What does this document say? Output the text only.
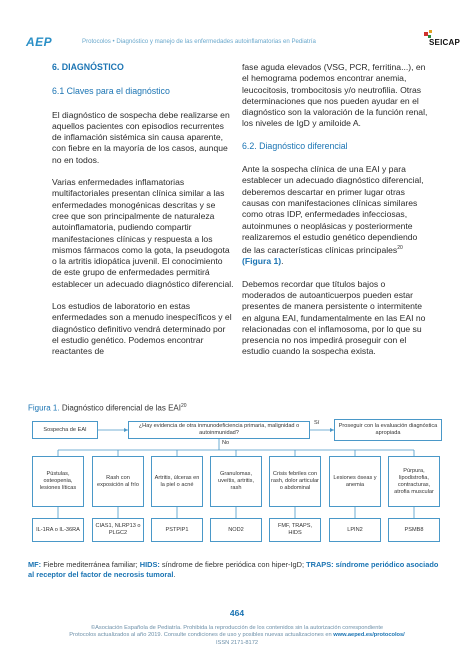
AEP	Protocolos • Diagnóstico y manejo de las enfermedades autoinflamatorias en Pediatría	SEICAP
6. DIAGNÓSTICO
6.1 Claves para el diagnóstico

El diagnóstico de sospecha debe realizarse en aquellos pacientes con episodios recurrentes de inflamación sistémica sin causa aparente, con fiebre en la mayoría de los casos, aunque no en todos.

Varias enfermedades inflamatorias multifactoriales presentan clínica similar a las enfermedades monogénicas descritas y se cree que son principalmente de naturaleza autoinflamatoria, pudiendo compartir manifestaciones clínicas y respuesta a los mismos fármacos como la gota, la pseudogota o la artritis idiopática juvenil. El conocimiento de este grupo de enfermedades permitirá establecer un adecuado diagnóstico diferencial.

Los estudios de laboratorio en estas enfermedades son a menudo inespecíficos y el diagnóstico definitivo vendrá determinado por el estudio genético. Podemos encontrar reactantes de

fase aguda elevados (VSG, PCR, ferritina...), en el hemograma podemos encontrar anemia, leucocitosis, trombocitosis y/o neutrofilia. Otras determinaciones que nos pueden ayudar en el diagnóstico son la valoración de la función renal, los niveles de IgD y amiloide A.

6.2. Diagnóstico diferencial

Ante la sospecha clínica de una EAI y para establecer un adecuado diagnóstico diferencial, deberemos descartar en primer lugar otras causas con manifestaciones clínicas similares como otras IDP, enfermedades infecciosas, autoinmunes o neoplásicas y posteriormente realizaremos el estudio genético dependiendo de las características clínicas principales$^{20}$ (Figura 1).

Debemos recordar que títulos bajos o moderados de autoanticuerpos pueden estar presentes de manera persistente o intermitente en alguna EAI, fundamentalmente en las EAI no relacionadas con el inflamosoma, por lo que su presencia no nos impedirá proseguir con el estudio cuando la sospecha exista.

Figura 1. Diagnóstico diferencial de las EAI$^{20}$
Sospecha de EAI
¿Hay evidencia de otra inmunodeficiencia primaria, malignidad o autoinmunidad?
Sí	Proseguir con la evaluación diagnóstica apropiada
No
Pústulas, osteopenia, lesiones líticas
Rash con exposición al frío
Artritis, úlceras en la piel o acné
Granulomas, uveítis, artritis, rash
Crisis febriles con rash, dolor articular o abdominal
Lesiones óseas y anemia
Púrpura, lipodistrofia, contracturas, atrofia muscular
IL-1RA o IL-36RA
CIAS1, NLRP13 o PLGC2
PSTPIP1	NOD2
FMF, TRAPS, HIDS
LPIN2	PSMB8
MF: Fiebre mediterránea familiar; HIDS: síndrome de fiebre periódica con hiper-IgD; TRAPS: síndrome periódico asociado al receptor del factor de necrosis tumoral.
464
©Asociación Española de Pediatría. Prohibida la reproducción de los contenidos sin la autorización correspondiente
Protocolos actualizados al año 2019. Consulte condiciones de uso y posibles nuevas actualizaciones en www.aeped.es/protocolos/
ISSN 2171-8172
